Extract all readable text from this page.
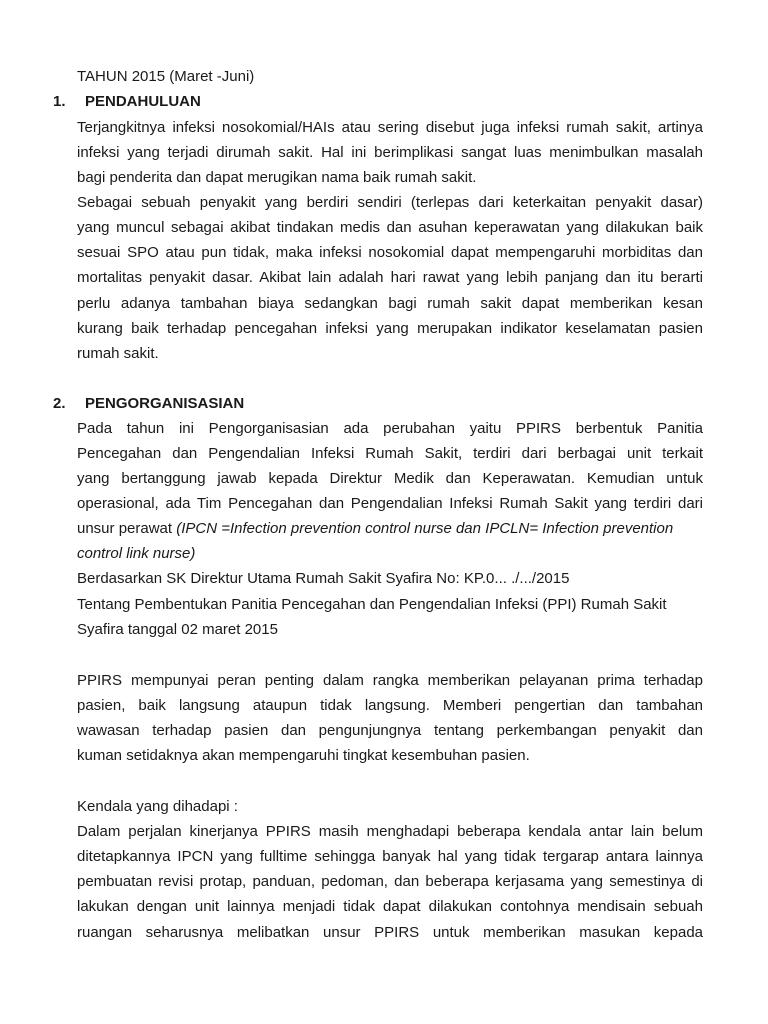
TAHUN 2015 (Maret -Juni)
1. PENDAHULUAN
Terjangkitnya infeksi nosokomial/HAIs atau sering disebut juga infeksi rumah sakit, artinya
infeksi yang terjadi dirumah sakit. Hal ini berimplikasi sangat luas menimbulkan masalah
bagi penderita dan dapat merugikan nama baik rumah sakit.
Sebagai sebuah penyakit yang berdiri sendiri (terlepas dari keterkaitan penyakit dasar)
yang muncul sebagai akibat tindakan medis dan asuhan keperawatan yang dilakukan baik
sesuai SPO atau pun tidak, maka infeksi nosokomial dapat mempengaruhi morbiditas dan
mortalitas penyakit dasar. Akibat lain adalah hari rawat yang lebih panjang dan itu berarti
perlu adanya tambahan biaya sedangkan bagi rumah sakit dapat memberikan kesan
kurang baik terhadap pencegahan infeksi yang merupakan indikator keselamatan pasien
rumah sakit.
2. PENGORGANISASIAN
Pada tahun ini Pengorganisasian ada perubahan yaitu PPIRS berbentuk Panitia
Pencegahan dan Pengendalian Infeksi Rumah Sakit, terdiri dari berbagai unit terkait
yang bertanggung jawab kepada Direktur Medik dan Keperawatan. Kemudian untuk
operasional, ada Tim Pencegahan dan Pengendalian Infeksi Rumah Sakit yang terdiri dari
unsur perawat (IPCN =Infection prevention control nurse dan IPCLN= Infection prevention
control link nurse)
Berdasarkan SK Direktur Utama Rumah Sakit Syafira No: KP.0... ./.../2015
Tentang Pembentukan Panitia Pencegahan dan Pengendalian Infeksi (PPI) Rumah Sakit
Syafira tanggal 02 maret 2015
PPIRS mempunyai peran penting dalam rangka memberikan pelayanan prima terhadap
pasien, baik langsung ataupun tidak langsung. Memberi pengertian dan tambahan
wawasan terhadap pasien dan pengunjungnya tentang perkembangan penyakit dan
kuman setidaknya akan mempengaruhi tingkat kesembuhan pasien.
Kendala yang dihadapi :
Dalam perjalan kinerjanya PPIRS masih menghadapi beberapa kendala antar lain belum
ditetapkannya IPCN yang fulltime sehingga banyak hal yang tidak tergarap antara lainnya
pembuatan revisi protap, panduan, pedoman, dan beberapa kerjasama yang semestinya di
lakukan dengan unit lainnya menjadi tidak dapat dilakukan contohnya mendisain sebuah
ruangan seharusnya melibatkan unsur PPIRS untuk memberikan masukan kepada
